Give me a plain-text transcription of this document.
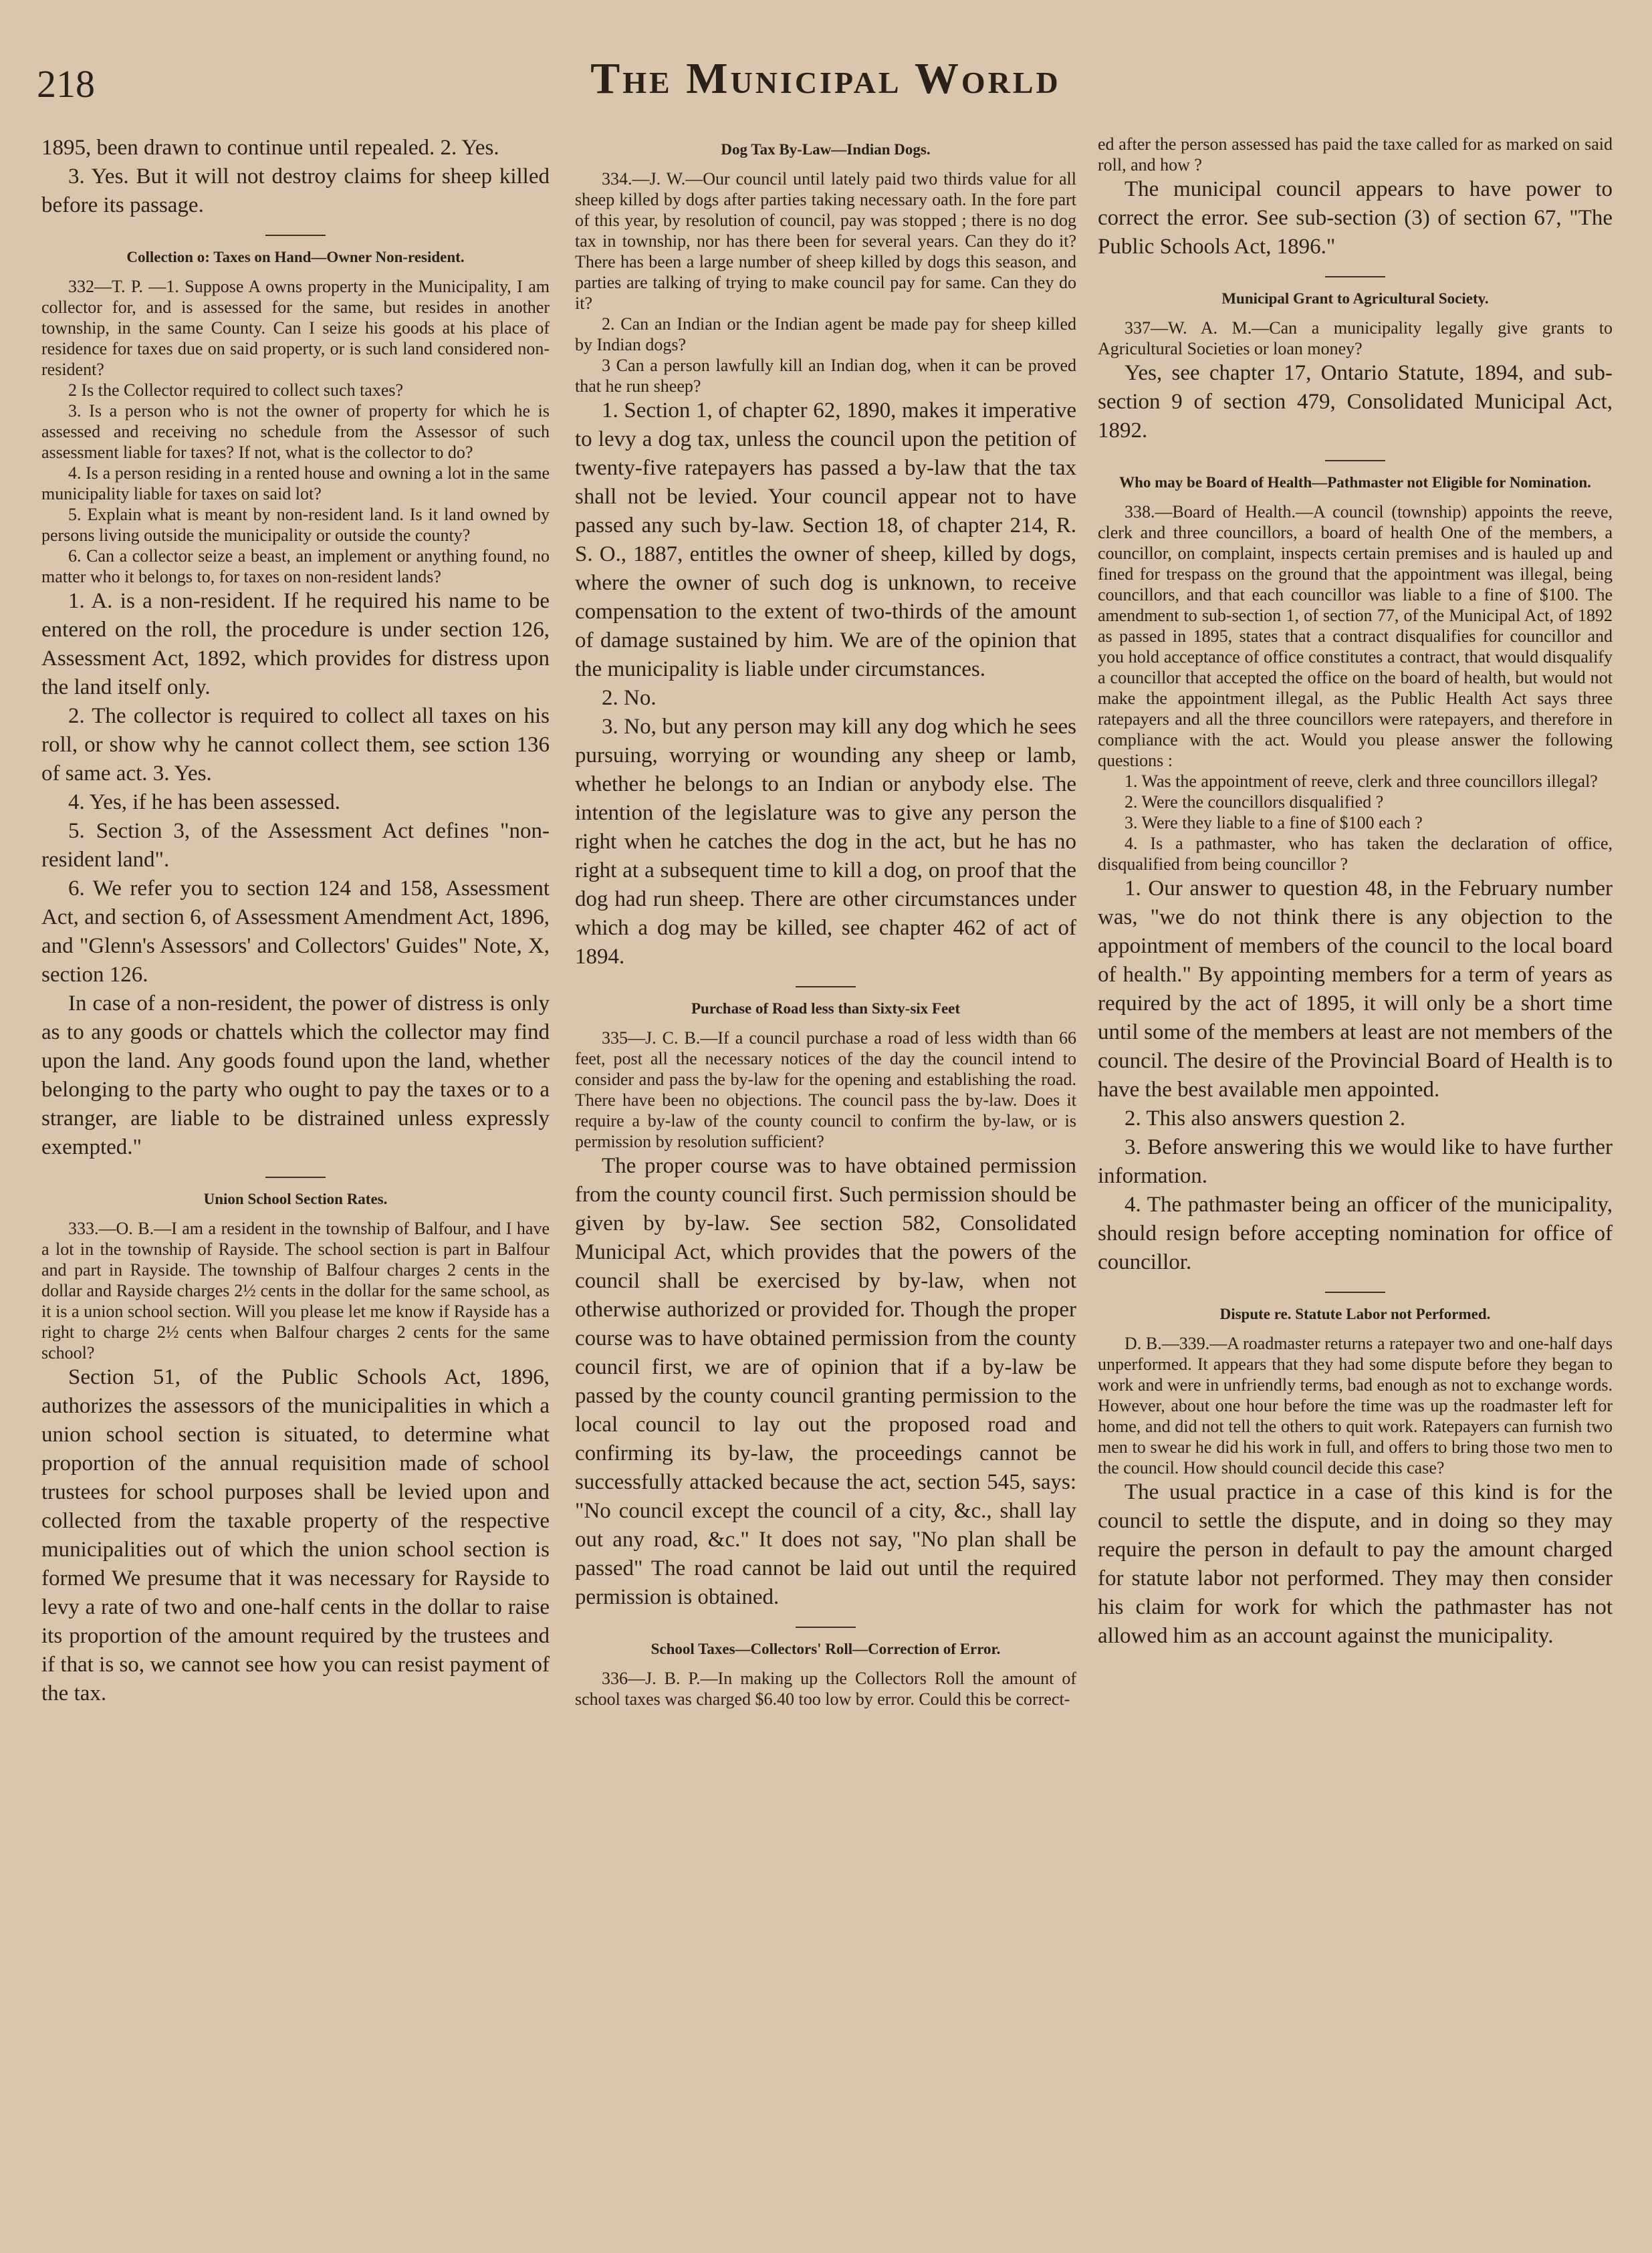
218	The Municipal World

1895, been drawn to continue until repealed. 2. Yes.

3. Yes. But it will not destroy claims for sheep killed before its passage.

Collection o: Taxes on Hand—Owner Non-resident.

332—T. P. —1. Suppose A owns property in the Municipality, I am collector for, and is assessed for the same, but resides in another township, in the same County. Can I seize his goods at his place of residence for taxes due on said property, or is such land considered non-resident?

2 Is the Collector required to collect such taxes?

3. Is a person who is not the owner of property for which he is assessed and receiving no schedule from the Assessor of such assessment liable for taxes? If not, what is the collector to do?

4. Is a person residing in a rented house and owning a lot in the same municipality liable for taxes on said lot?

5. Explain what is meant by non-resident land. Is it land owned by persons living outside the municipality or outside the county?

6. Can a collector seize a beast, an implement or anything found, no matter who it belongs to, for taxes on non-resident lands?

1. A. is a non-resident. If he required his name to be entered on the roll, the procedure is under section 126, Assessment Act, 1892, which provides for distress upon the land itself only.

2. The collector is required to collect all taxes on his roll, or show why he cannot collect them, see sction 136 of same act. 3. Yes.

4. Yes, if he has been assessed.

5. Section 3, of the Assessment Act defines "non-resident land".

6. We refer you to section 124 and 158, Assessment Act, and section 6, of Assessment Amendment Act, 1896, and "Glenn's Assessors' and Collectors' Guides" Note, X, section 126.

In case of a non-resident, the power of distress is only as to any goods or chattels which the collector may find upon the land. Any goods found upon the land, whether belonging to the party who ought to pay the taxes or to a stranger, are liable to be distrained unless expressly exempted."

Union School Section Rates.

333.—O. B.—I am a resident in the township of Balfour, and I have a lot in the township of Rayside. The school section is part in Balfour and part in Rayside. The township of Balfour charges 2 cents in the dollar and Rayside charges 2½ cents in the dollar for the same school, as it is a union school section. Will you please let me know if Rayside has a right to charge 2½ cents when Balfour charges 2 cents for the same school?

Section 51, of the Public Schools Act, 1896, authorizes the assessors of the municipalities in which a union school section is situated, to determine what proportion of the annual requisition made of school trustees for school purposes shall be levied upon and collected from the taxable property of the respective municipalities out of which the union school section is formed We presume that it was necessary for Rayside to levy a rate of two and one-half cents in the dollar to raise its proportion of the amount required by the trustees and if that is so, we cannot see how you can resist payment of the tax.

Dog Tax By-Law—Indian Dogs.

334.—J. W.—Our council until lately paid two thirds value for all sheep killed by dogs after parties taking necessary oath. In the fore part of this year, by resolution of council, pay was stopped ; there is no dog tax in township, nor has there been for several years. Can they do it? There has been a large number of sheep killed by dogs this season, and parties are talking of trying to make council pay for same. Can they do it?

2. Can an Indian or the Indian agent be made pay for sheep killed by Indian dogs?

3 Can a person lawfully kill an Indian dog, when it can be proved that he run sheep?

1. Section 1, of chapter 62, 1890, makes it imperative to levy a dog tax, unless the council upon the petition of twenty-five ratepayers has passed a by-law that the tax shall not be levied. Your council appear not to have passed any such by-law. Section 18, of chapter 214, R. S. O., 1887, entitles the owner of sheep, killed by dogs, where the owner of such dog is unknown, to receive compensation to the extent of two-thirds of the amount of damage sustained by him. We are of the opinion that the municipality is liable under circumstances.

2. No.

3. No, but any person may kill any dog which he sees pursuing, worrying or wounding any sheep or lamb, whether he belongs to an Indian or anybody else. The intention of the legislature was to give any person the right when he catches the dog in the act, but he has no right at a subsequent time to kill a dog, on proof that the dog had run sheep. There are other circumstances under which a dog may be killed, see chapter 462 of act of 1894.

Purchase of Road less than Sixty-six Feet

335—J. C. B.—If a council purchase a road of less width than 66 feet, post all the necessary notices of the day the council intend to consider and pass the by-law for the opening and establishing the road. There have been no objections. The council pass the by-law. Does it require a by-law of the county council to confirm the by-law, or is permission by resolution sufficient?

The proper course was to have obtained permission from the county council first. Such permission should be given by by-law. See section 582, Consolidated Municipal Act, which provides that the powers of the council shall be exercised by by-law, when not otherwise authorized or provided for. Though the proper course was to have obtained permission from the county council first, we are of opinion that if a by-law be passed by the county council granting permission to the local council to lay out the proposed road and confirming its by-law, the proceedings cannot be successfully attacked because the act, section 545, says: "No council except the council of a city, &c., shall lay out any road, &c." It does not say, "No plan shall be passed" The road cannot be laid out until the required permission is obtained.

School Taxes—Collectors' Roll—Correction of Error.

336—J. B. P.—In making up the Collectors Roll the amount of school taxes was charged $6.40 too low by error. Could this be correct-

ed after the person assessed has paid the taxe called for as marked on said roll, and how ?

The municipal council appears to have power to correct the error. See sub-section (3) of section 67, "The Public Schools Act, 1896."

Municipal Grant to Agricultural Society.

337—W. A. M.—Can a municipality legally give grants to Agricultural Societies or loan money?

Yes, see chapter 17, Ontario Statute, 1894, and sub-section 9 of section 479, Consolidated Municipal Act, 1892.

Who may be Board of Health—Pathmaster not Eligible for Nomination.

338.—Board of Health.—A council (township) appoints the reeve, clerk and three councillors, a board of health One of the members, a councillor, on complaint, inspects certain premises and is hauled up and fined for trespass on the ground that the appointment was illegal, being councillors, and that each councillor was liable to a fine of $100. The amendment to sub-section 1, of section 77, of the Municipal Act, of 1892 as passed in 1895, states that a contract disqualifies for councillor and you hold acceptance of office constitutes a contract, that would disqualify a councillor that accepted the office on the board of health, but would not make the appointment illegal, as the Public Health Act says three ratepayers and all the three councillors were ratepayers, and therefore in compliance with the act. Would you please answer the following questions :

1. Was the appointment of reeve, clerk and three councillors illegal?

2. Were the councillors disqualified ?

3. Were they liable to a fine of $100 each ?

4. Is a pathmaster, who has taken the declaration of office, disqualified from being councillor ?

1. Our answer to question 48, in the February number was, "we do not think there is any objection to the appointment of members of the council to the local board of health." By appointing members for a term of years as required by the act of 1895, it will only be a short time until some of the members at least are not members of the council. The desire of the Provincial Board of Health is to have the best available men appointed.

2. This also answers question 2.

3. Before answering this we would like to have further information.

4. The pathmaster being an officer of the municipality, should resign before accepting nomination for office of councillor.

Dispute re. Statute Labor not Performed.

D. B.—339.—A roadmaster returns a ratepayer two and one-half days unperformed. It appears that they had some dispute before they began to work and were in unfriendly terms, bad enough as not to exchange words. However, about one hour before the time was up the roadmaster left for home, and did not tell the others to quit work. Ratepayers can furnish two men to swear he did his work in full, and offers to bring those two men to the council. How should council decide this case?

The usual practice in a case of this kind is for the council to settle the dispute, and in doing so they may require the person in default to pay the amount charged for statute labor not performed. They may then consider his claim for work for which the pathmaster has not allowed him as an account against the municipality.
